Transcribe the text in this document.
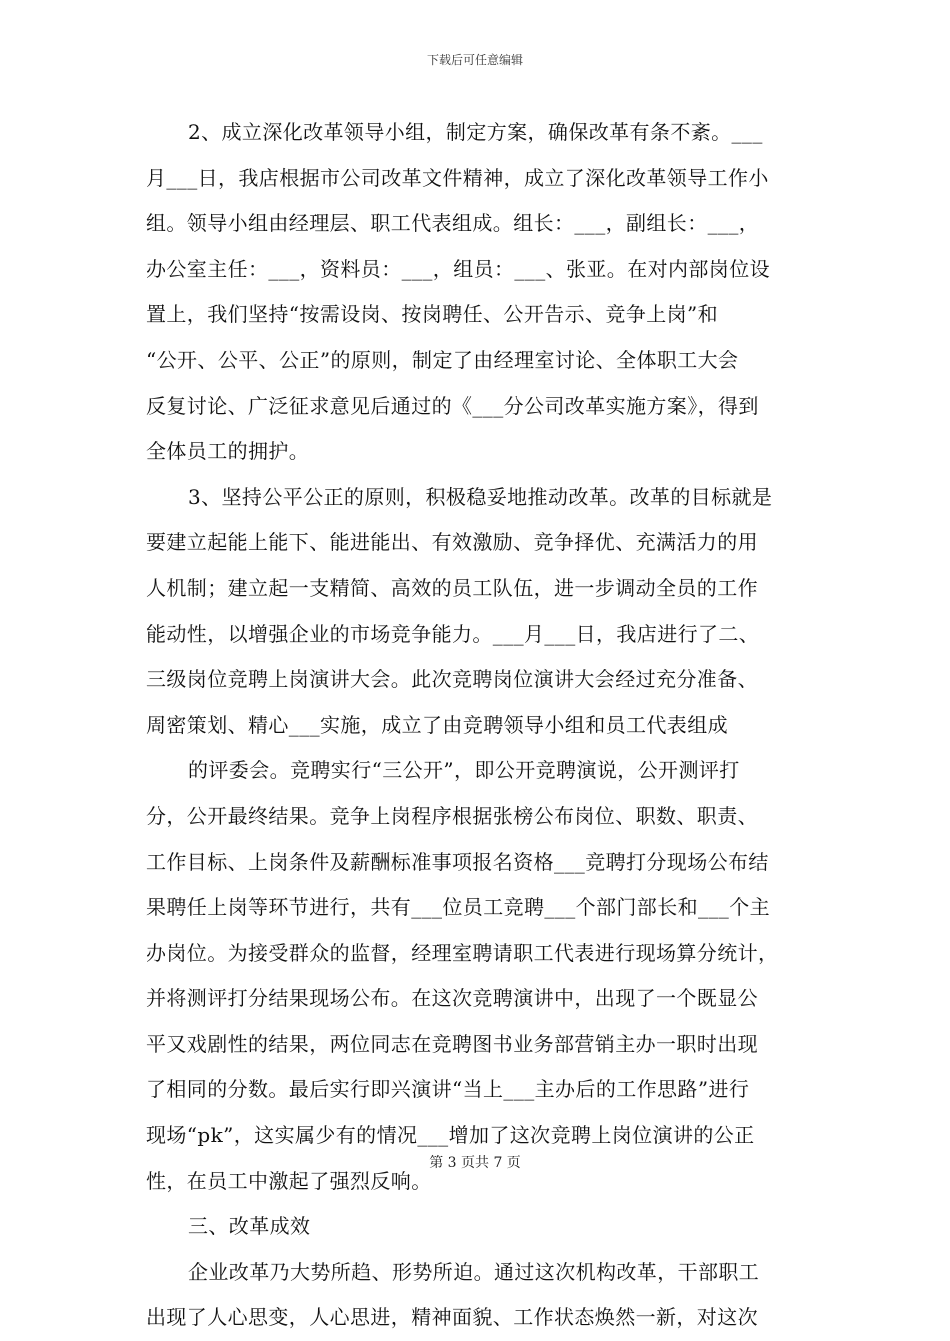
下载后可任意编辑
2、成立深化改革领导小组，制定方案，确保改革有条不紊。___
月___日，我店根据市公司改革文件精神，成立了深化改革领导工作小
组。领导小组由经理层、职工代表组成。组长：___，副组长：___，
办公室主任：___，资料员：___，组员：___、张亚。在对内部岗位设
置上，我们坚持“按需设岗、按岗聘任、公开告示、竞争上岗”和
“公开、公平、公正”的原则，制定了由经理室讨论、全体职工大会
反复讨论、广泛征求意见后通过的《___分公司改革实施方案》，得到
全体员工的拥护。
3、坚持公平公正的原则，积极稳妥地推动改革。改革的目标就是
要建立起能上能下、能进能出、有效激励、竞争择优、充满活力的用
人机制；建立起一支精简、高效的员工队伍，进一步调动全员的工作
能动性，以增强企业的市场竞争能力。___月___日，我店进行了二、
三级岗位竞聘上岗演讲大会。此次竞聘岗位演讲大会经过充分准备、
周密策划、精心___实施，成立了由竞聘领导小组和员工代表组成
的评委会。竞聘实行“三公开”，即公开竞聘演说，公开测评打
分，公开最终结果。竞争上岗程序根据张榜公布岗位、职数、职责、
工作目标、上岗条件及薪酬标准事项报名资格___竞聘打分现场公布结
果聘任上岗等环节进行，共有___位员工竞聘___个部门部长和___个主
办岗位。为接受群众的监督，经理室聘请职工代表进行现场算分统计，
并将测评打分结果现场公布。在这次竞聘演讲中，出现了一个既显公
平又戏剧性的结果，两位同志在竞聘图书业务部营销主办一职时出现
了相同的分数。最后实行即兴演讲“当上___主办后的工作思路”进行
现场“pk”，这实属少有的情况___增加了这次竞聘上岗位演讲的公正
性，在员工中激起了强烈反响。
三、改革成效
企业改革乃大势所趋、形势所迫。通过这次机构改革，干部职工
出现了人心思变，人心思进，精神面貌、工作状态焕然一新，对这次
第 3 页共 7 页
